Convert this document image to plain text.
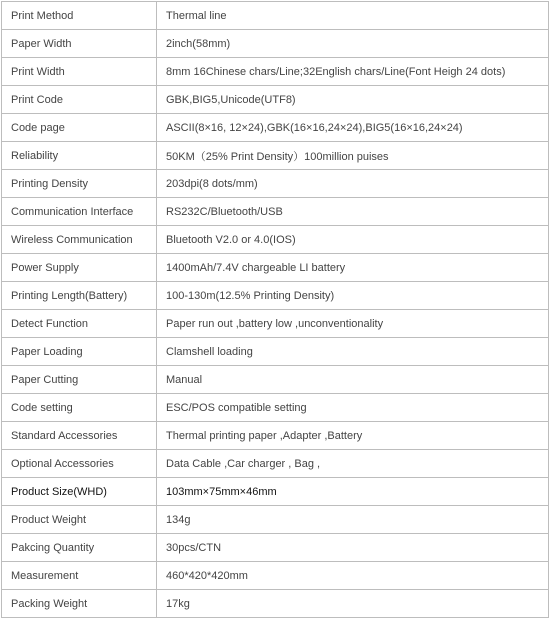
Print Method	Thermal line
Paper Width	2inch(58mm)
Print Width	8mm 16Chinese chars/Line;32English chars/Line(Font Heigh 24 dots)
Print Code	GBK,BIG5,Unicode(UTF8)
Code page	ASCII(8×16, 12×24),GBK(16×16,24×24),BIG5(16×16,24×24)
Reliability	50KM（25% Print Density）100million puises
Printing Density	203dpi(8 dots/mm)
Communication Interface	RS232C/Bluetooth/USB
Wireless Communication	Bluetooth V2.0 or 4.0(IOS)
Power Supply	1400mAh/7.4V chargeable LI battery
Printing Length(Battery)	100-130m(12.5% Printing Density)
Detect Function	Paper run out ,battery low ,unconventionality
Paper Loading	Clamshell loading
Paper Cutting	Manual
Code setting	ESC/POS compatible setting
Standard Accessories	Thermal printing paper ,Adapter ,Battery
Optional Accessories	Data Cable ,Car charger , Bag ,
Product Size(WHD)	103mm×75mm×46mm
Product Weight	134g
Pakcing Quantity	30pcs/CTN
Measurement	460*420*420mm
Packing Weight	17kg
